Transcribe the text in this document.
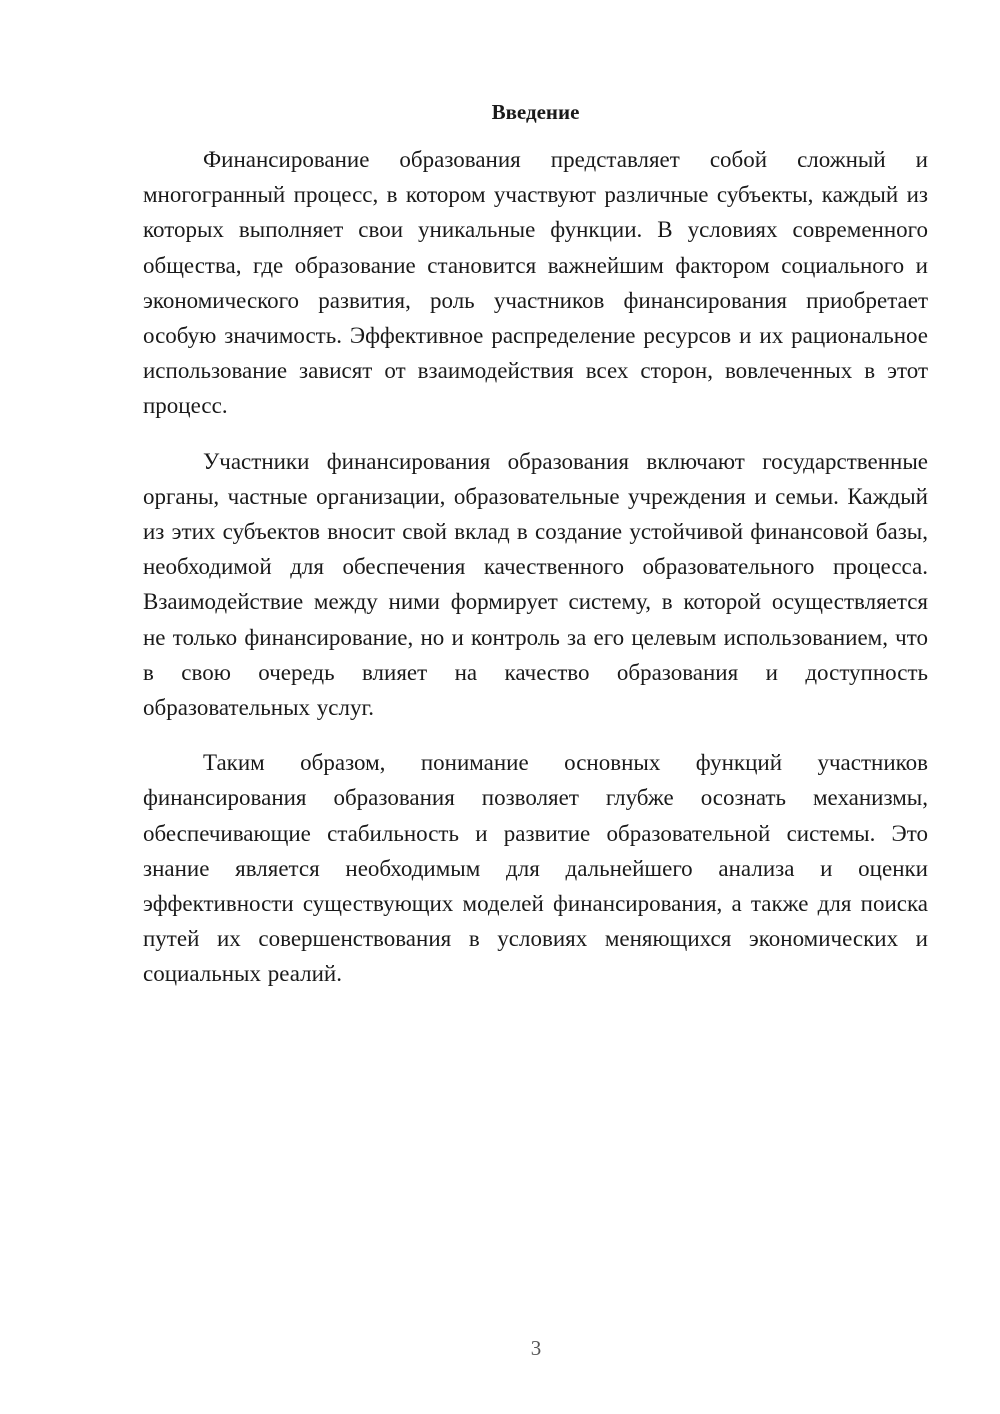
Введение

Финансирование образования представляет собой сложный и многогранный процесс, в котором участвуют различные субъекты, каждый из которых выполняет свои уникальные функции. В условиях современного общества, где образование становится важнейшим фактором социального и экономического развития, роль участников финансирования приобретает особую значимость. Эффективное распределение ресурсов и их рациональное использование зависят от взаимодействия всех сторон, вовлеченных в этот процесс.

Участники финансирования образования включают государственные органы, частные организации, образовательные учреждения и семьи. Каждый из этих субъектов вносит свой вклад в создание устойчивой финансовой базы, необходимой для обеспечения качественного образовательного процесса. Взаимодействие между ними формирует систему, в которой осуществляется не только финансирование, но и контроль за его целевым использованием, что в свою очередь влияет на качество образования и доступность образовательных услуг.

Таким образом, понимание основных функций участников финансирования образования позволяет глубже осознать механизмы, обеспечивающие стабильность и развитие образовательной системы. Это знание является необходимым для дальнейшего анализа и оценки эффективности существующих моделей финансирования, а также для поиска путей их совершенствования в условиях меняющихся экономических и социальных реалий.

3
